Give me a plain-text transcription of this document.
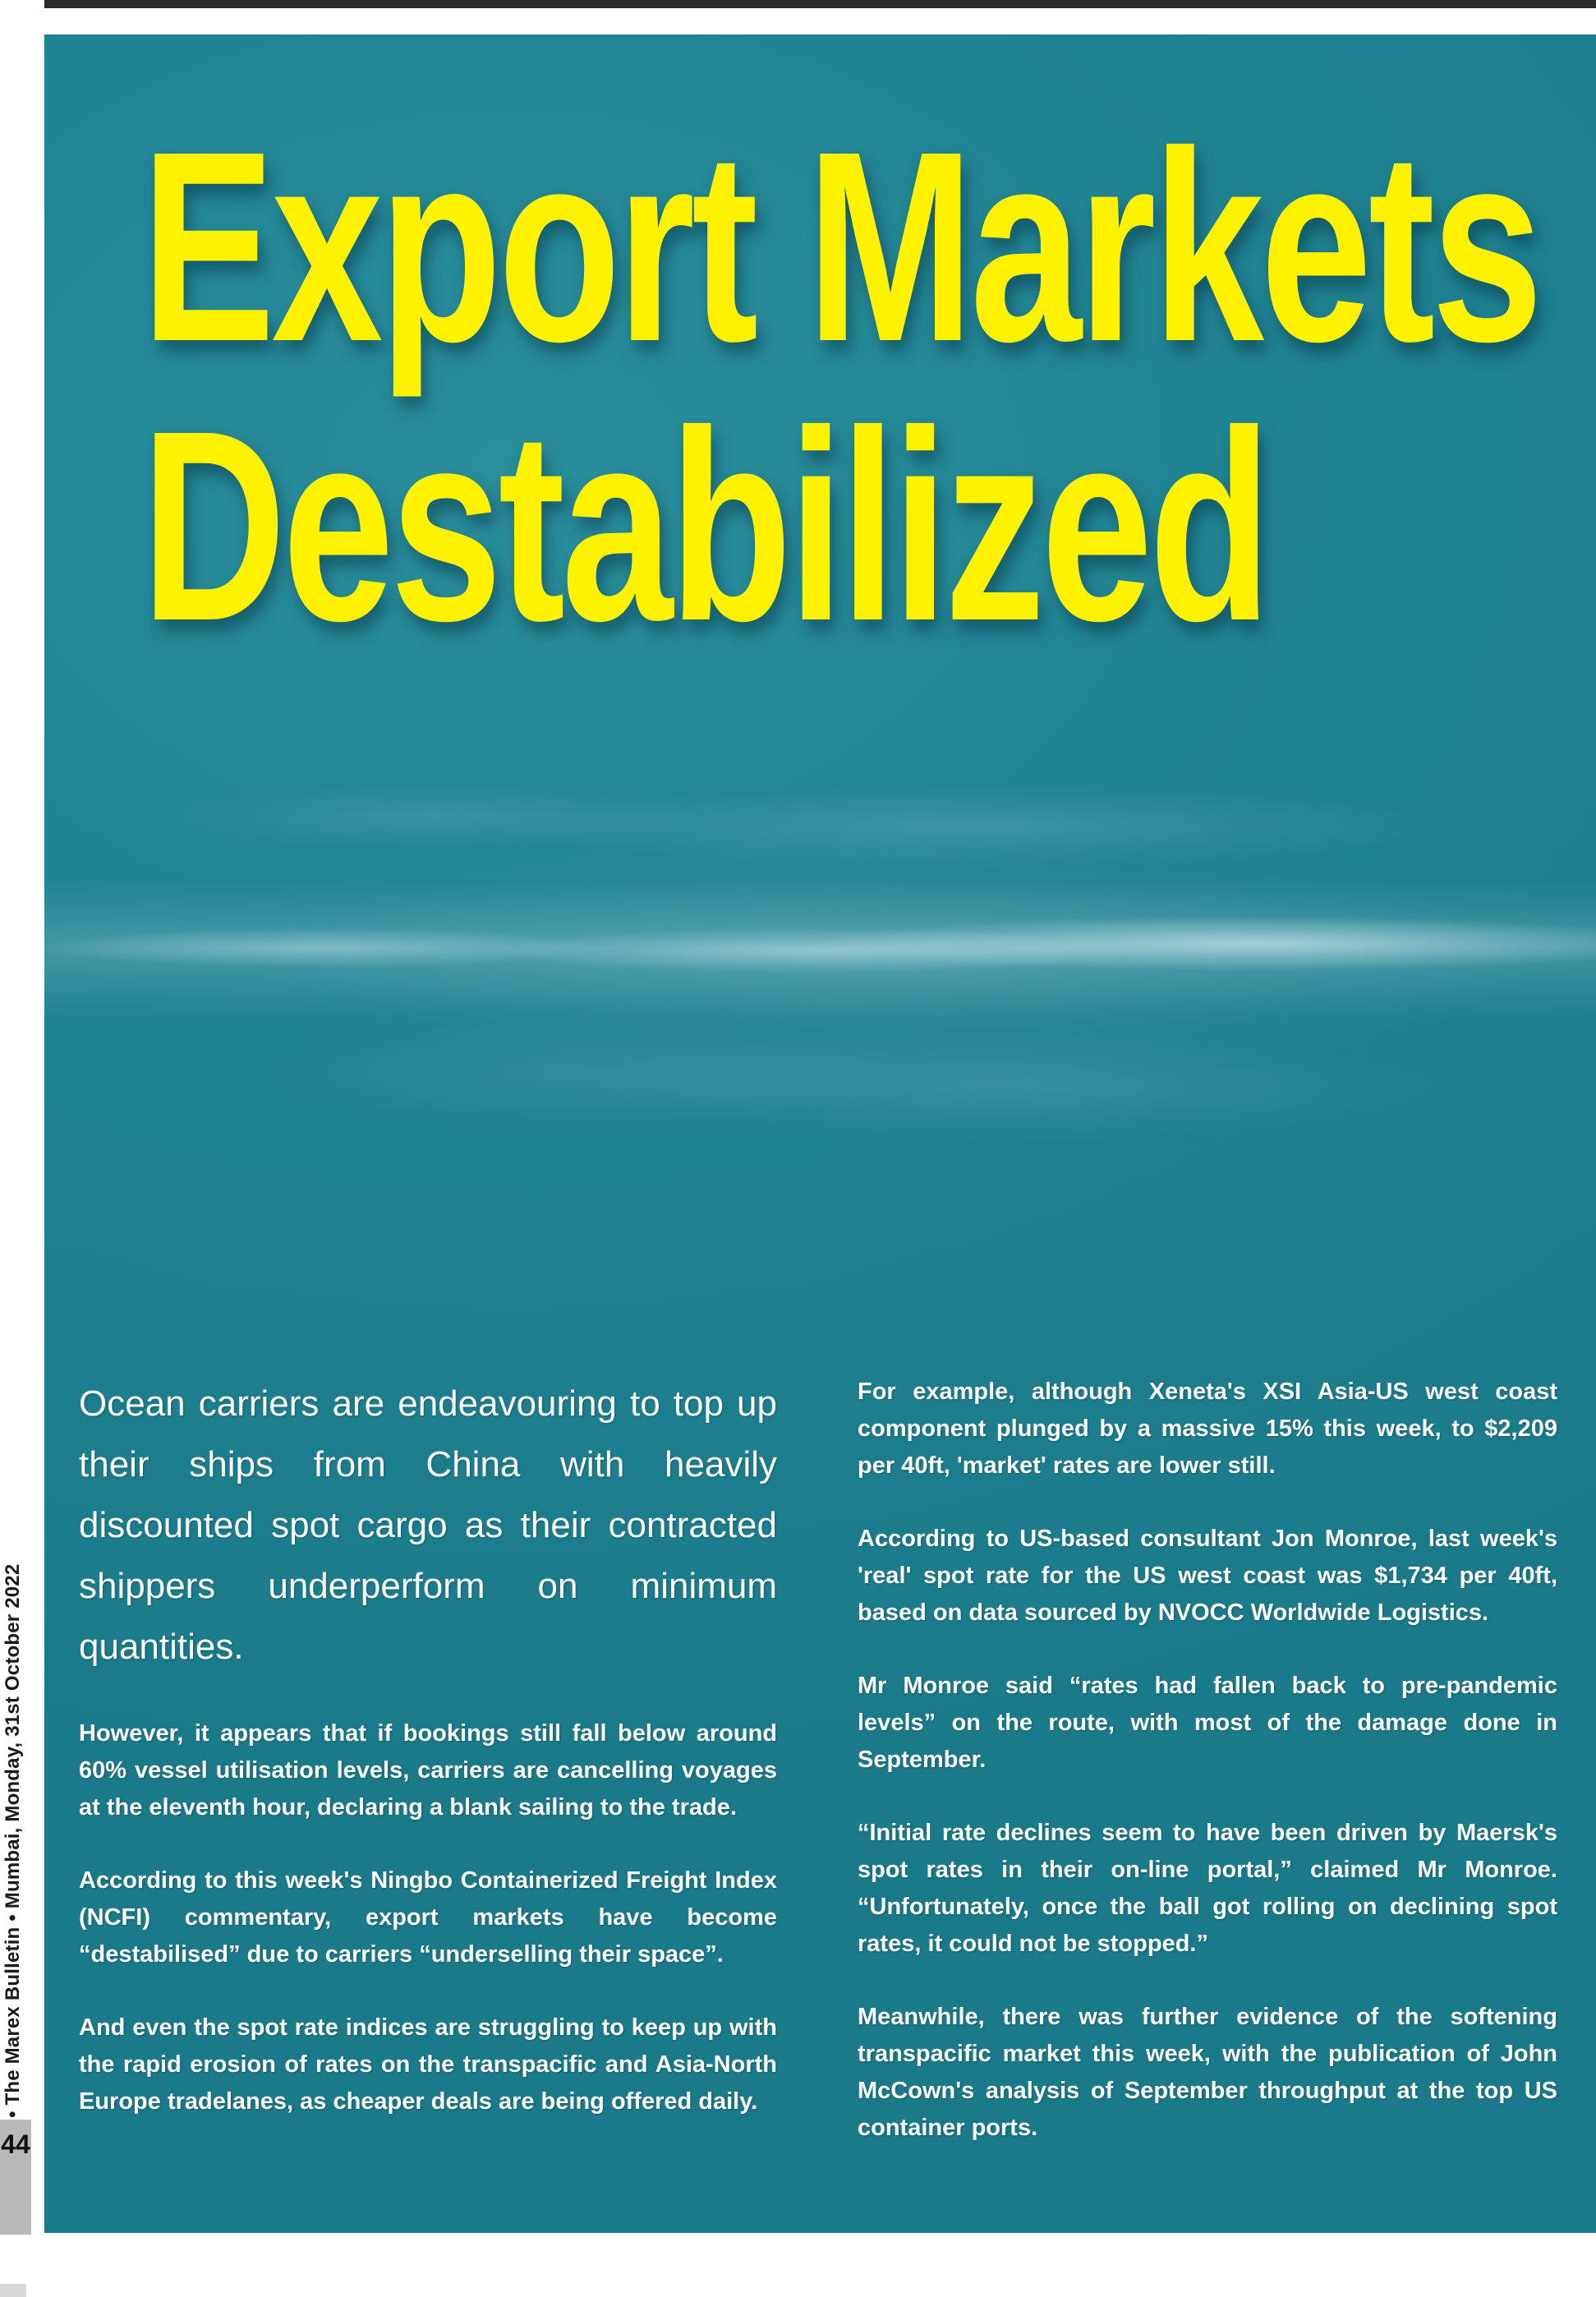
Export Markets
Destabilized

Ocean carriers are endeavouring to top up their ships from China with heavily discounted spot cargo as their contracted shippers underperform on minimum quantities.

However, it appears that if bookings still fall below around 60% vessel utilisation levels, carriers are cancelling voyages at the eleventh hour, declaring a blank sailing to the trade.

According to this week's Ningbo Containerized Freight Index (NCFI) commentary, export markets have become “destabilised” due to carriers “underselling their space”.

And even the spot rate indices are struggling to keep up with the rapid erosion of rates on the transpacific and Asia-North Europe tradelanes, as cheaper deals are being offered daily.

For example, although Xeneta's XSI Asia-US west coast component plunged by a massive 15% this week, to $2,209 per 40ft, 'market' rates are lower still.

According to US-based consultant Jon Monroe, last week's 'real' spot rate for the US west coast was $1,734 per 40ft, based on data sourced by NVOCC Worldwide Logistics.

Mr Monroe said “rates had fallen back to pre-pandemic levels” on the route, with most of the damage done in September.

“Initial rate declines seem to have been driven by Maersk's spot rates in their on-line portal,” claimed Mr Monroe. “Unfortunately, once the ball got rolling on declining spot rates, it could not be stopped.”

Meanwhile, there was further evidence of the softening transpacific market this week, with the publication of John McCown's analysis of September throughput at the top US container ports.

• The Marex Bulletin • Mumbai, Monday, 31st October 2022
44
